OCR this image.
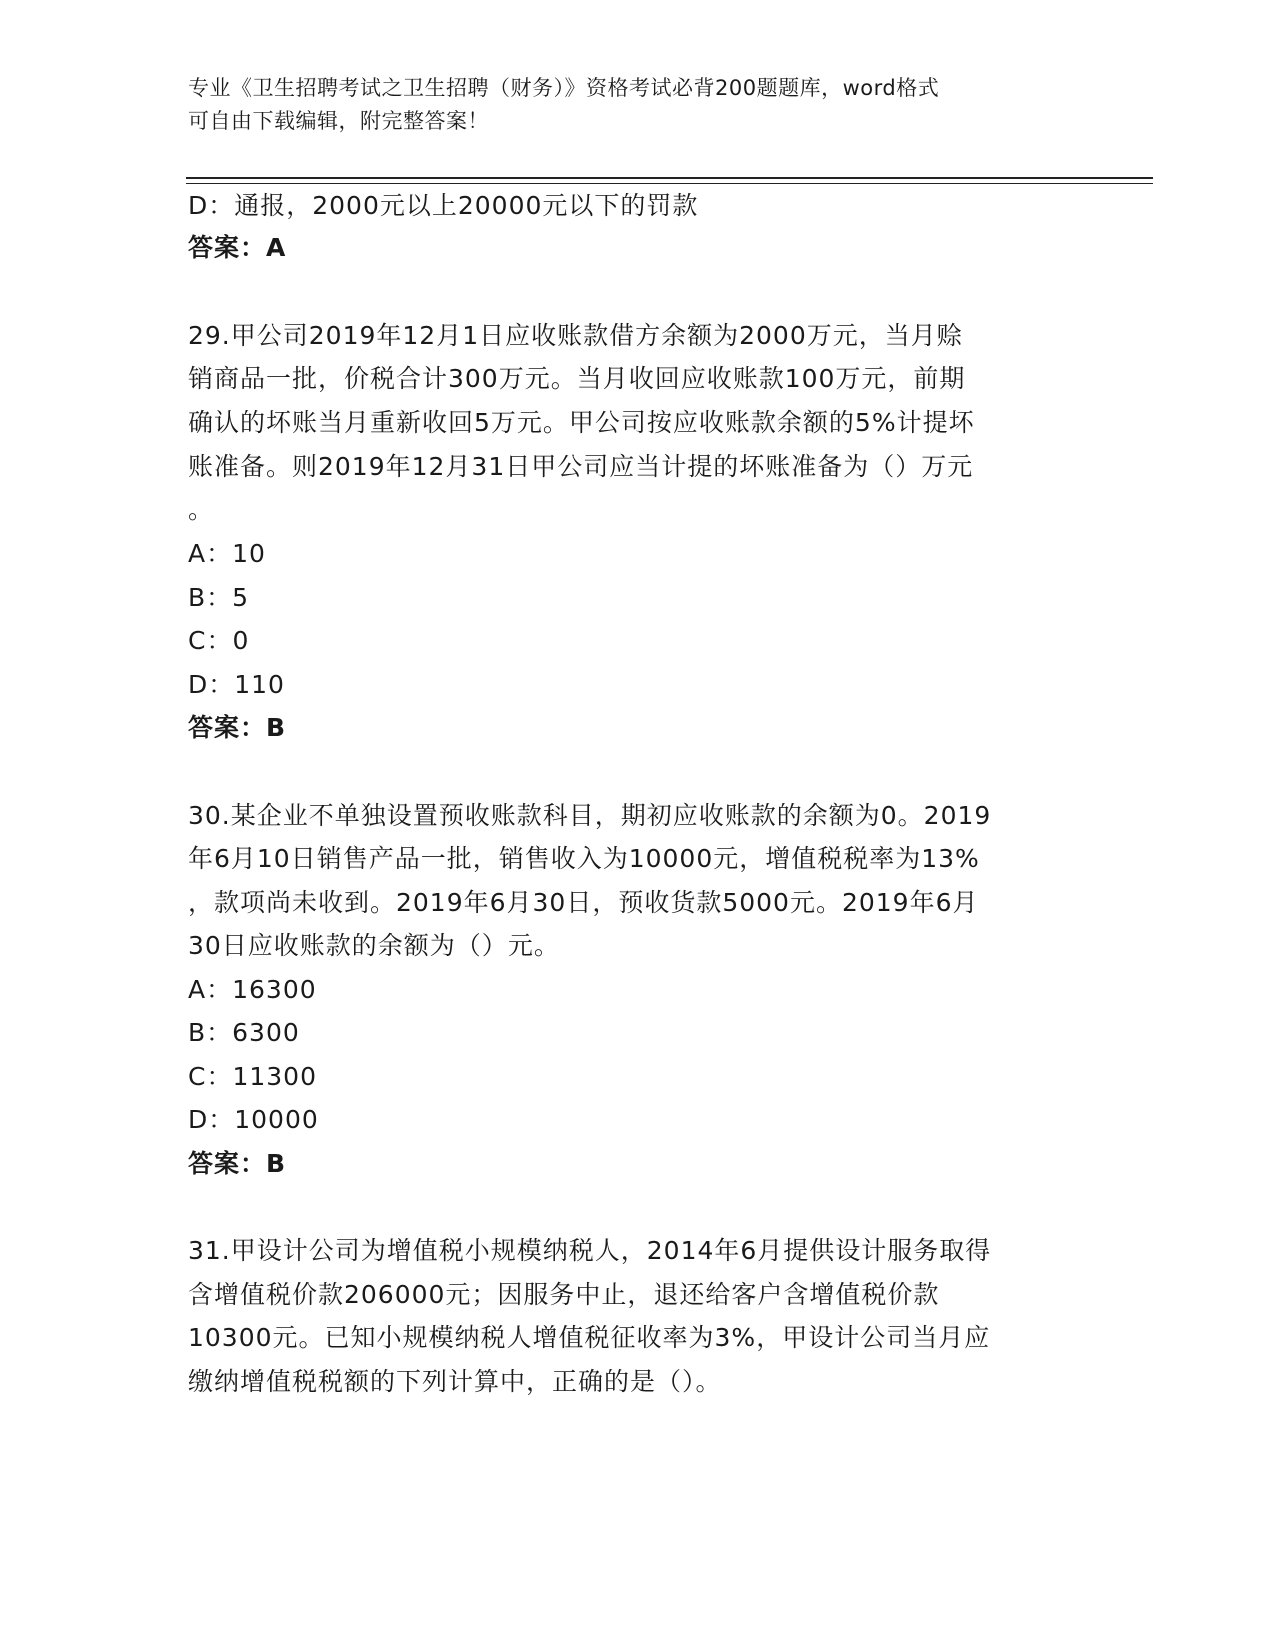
专业《卫生招聘考试之卫生招聘（财务）》资格考试必背200题题库，word格式
可自由下载编辑，附完整答案！
D：通报，2000元以上20000元以下的罚款
答案：A
29.甲公司2019年12月1日应收账款借方余额为2000万元，当月赊
销商品一批，价税合计300万元。当月收回应收账款100万元，前期
确认的坏账当月重新收回5万元。甲公司按应收账款余额的5%计提坏
账准备。则2019年12月31日甲公司应当计提的坏账准备为（）万元
。
A：10
B：5
C：0
D：110
答案：B
30.某企业不单独设置预收账款科目，期初应收账款的余额为0。2019
年6月10日销售产品一批，销售收入为10000元，增值税税率为13%
，款项尚未收到。2019年6月30日，预收货款5000元。2019年6月
30日应收账款的余额为（）元。
A：16300
B：6300
C：11300
D：10000
答案：B
31.甲设计公司为增值税小规模纳税人，2014年6月提供设计服务取得
含增值税价款206000元；因服务中止，退还给客户含增值税价款
10300元。已知小规模纳税人增值税征收率为3%，甲设计公司当月应
缴纳增值税税额的下列计算中，正确的是（）。
